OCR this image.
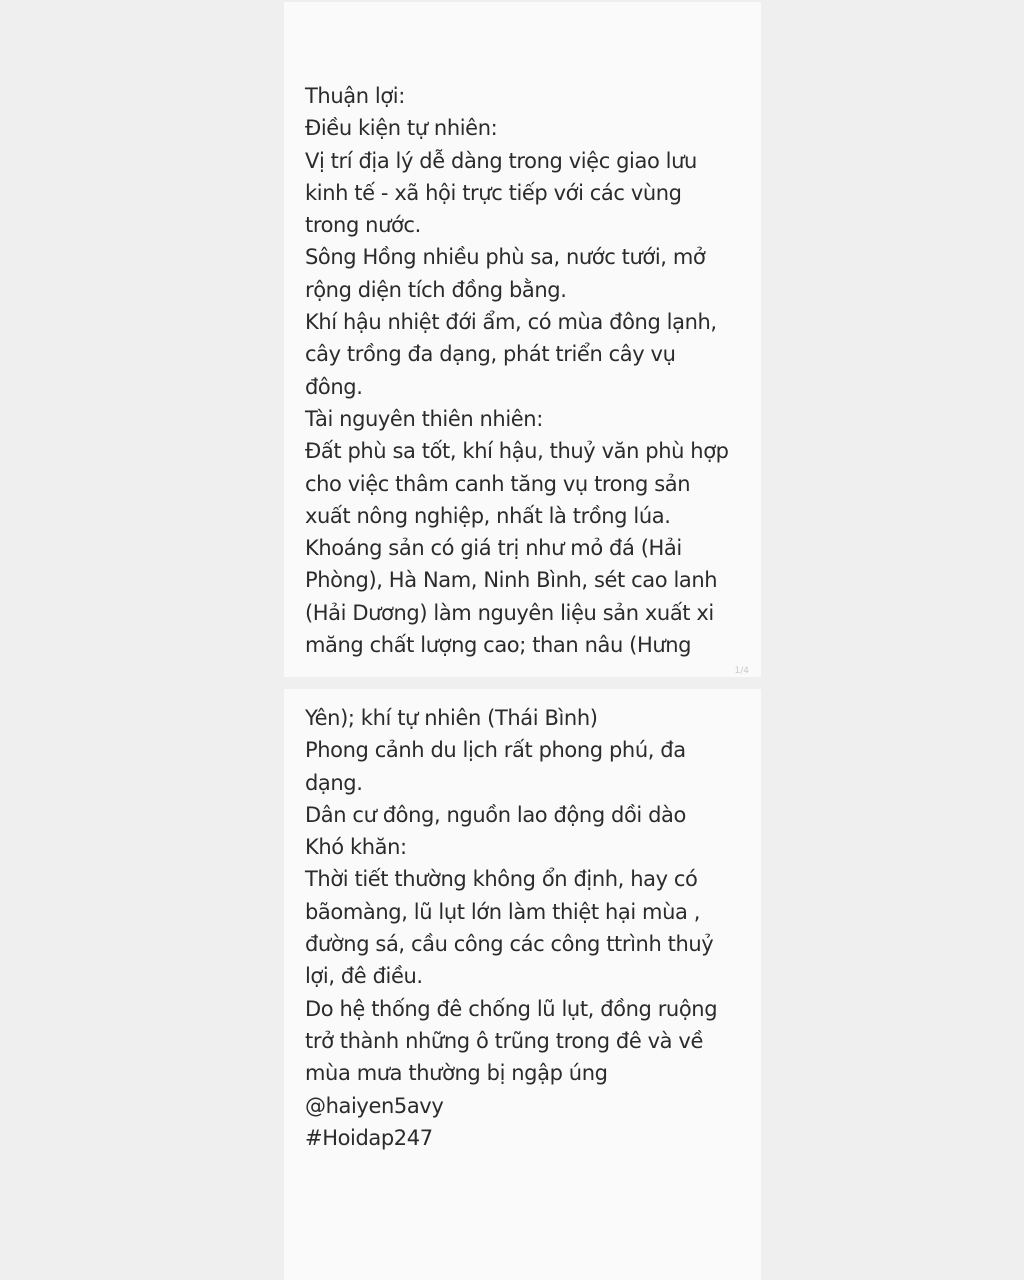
Thuận lợi:
Điều kiện tự nhiên:
Vị trí địa lý dễ dàng trong việc giao lưu
kinh tế - xã hội trực tiếp với các vùng
trong nước.
Sông Hồng nhiều phù sa, nước tưới, mở
rộng diện tích đồng bằng.
Khí hậu nhiệt đới ẩm, có mùa đông lạnh,
cây trồng đa dạng, phát triển cây vụ
đông.
Tài nguyên thiên nhiên:
Đất phù sa tốt, khí hậu, thuỷ văn phù hợp
cho việc thâm canh tăng vụ trong sản
xuất nông nghiệp, nhất là trồng lúa.
Khoáng sản có giá trị như mỏ đá (Hải
Phòng), Hà Nam, Ninh Bình, sét cao lanh
(Hải Dương) làm nguyên liệu sản xuất xi
măng chất lượng cao; than nâu (Hưng
1/4
Yên); khí tự nhiên (Thái Bình)
Phong cảnh du lịch rất phong phú, đa
dạng.
Dân cư đông, nguồn lao động dồi dào
Khó khăn:
Thời tiết thường không ổn định, hay có
bãomàng, lũ lụt lớn làm thiệt hại mùa ,
đường sá, cầu công các công ttrình thuỷ
lợi, đê điều.
Do hệ thống đê chống lũ lụt, đồng ruộng
trở thành những ô trũng trong đê và về
mùa mưa thường bị ngập úng
@haiyen5avy
#Hoidap247
